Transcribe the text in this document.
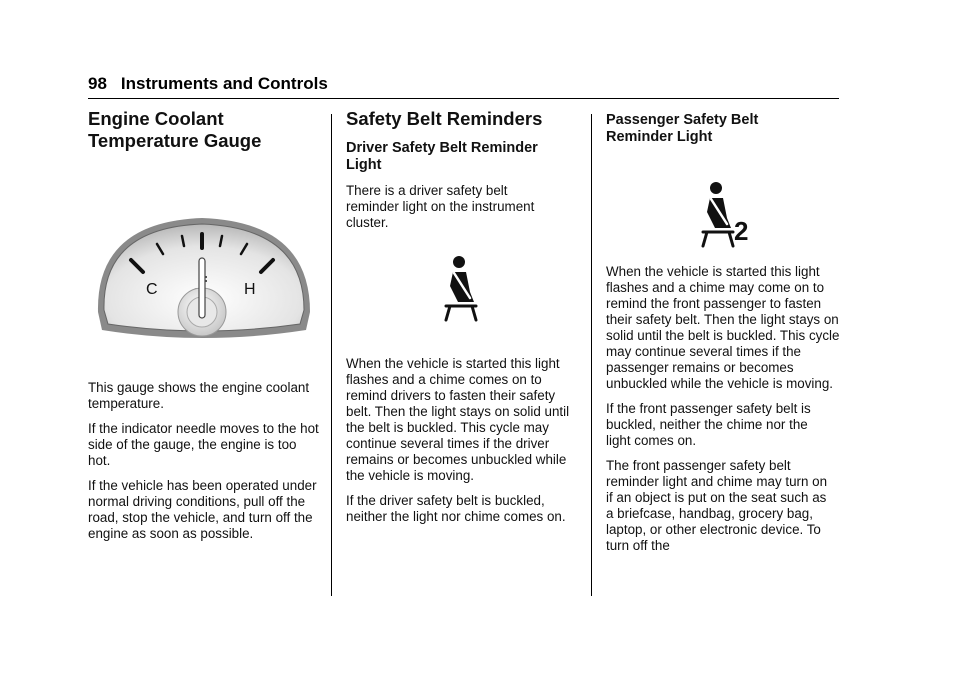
98 Instruments and Controls
Engine Coolant Temperature Gauge
C	H

This gauge shows the engine coolant temperature.

If the indicator needle moves to the hot side of the gauge, the engine is too hot.

If the vehicle has been operated under normal driving conditions, pull off the road, stop the vehicle, and turn off the engine as soon as possible.

Safety Belt Reminders
Driver Safety Belt Reminder Light

There is a driver safety belt reminder light on the instrument cluster.

When the vehicle is started this light flashes and a chime comes on to remind drivers to fasten their safety belt. Then the light stays on solid until the belt is buckled. This cycle may continue several times if the driver remains or becomes unbuckled while the vehicle is moving.

If the driver safety belt is buckled, neither the light nor chime comes on.

Passenger Safety Belt Reminder Light
2

When the vehicle is started this light flashes and a chime may come on to remind the front passenger to fasten their safety belt. Then the light stays on solid until the belt is buckled. This cycle may continue several times if the passenger remains or becomes unbuckled while the vehicle is moving.

If the front passenger safety belt is buckled, neither the chime nor the light comes on.

The front passenger safety belt reminder light and chime may turn on if an object is put on the seat such as a briefcase, handbag, grocery bag, laptop, or other electronic device. To turn off the
